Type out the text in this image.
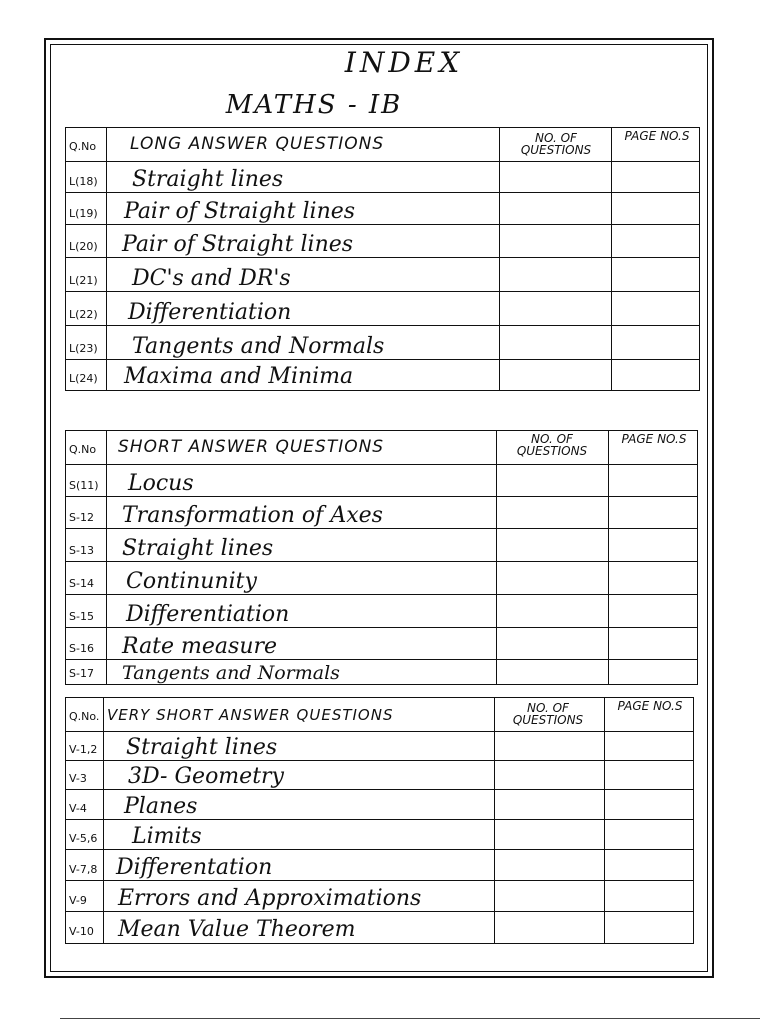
INDEX
MATHS - IB
Q.No LONG ANSWER QUESTIONS	NO. OF QUESTIONS
PAGE NO.S
L(18) Straight lines
L(19) Pair of Straight lines
L(20) Pair of Straight lines
L(21) DC's and DR's
L(22) Differentiation
L(23) Tangents and Normals
L(24) Maxima and Minima
Q.No SHORT ANSWER QUESTIONS	NO. OF QUESTIONS
PAGE NO.S
S(11) Locus
S-12 Transformation of Axes
S-13 Straight lines
S-14 Continunity
S-15 Differentiation
S-16 Rate measure
S-17 Tangents and Normals
Q.No. VERY SHORT ANSWER QUESTIONS	NO. OF QUESTIONS
PAGE NO.S
V-1,2 Straight lines
V-3 3D- Geometry
V-4 Planes
V-5,6 Limits
V-7,8 Differentation
V-9 Errors and Approximations
V-10 Mean Value Theorem
